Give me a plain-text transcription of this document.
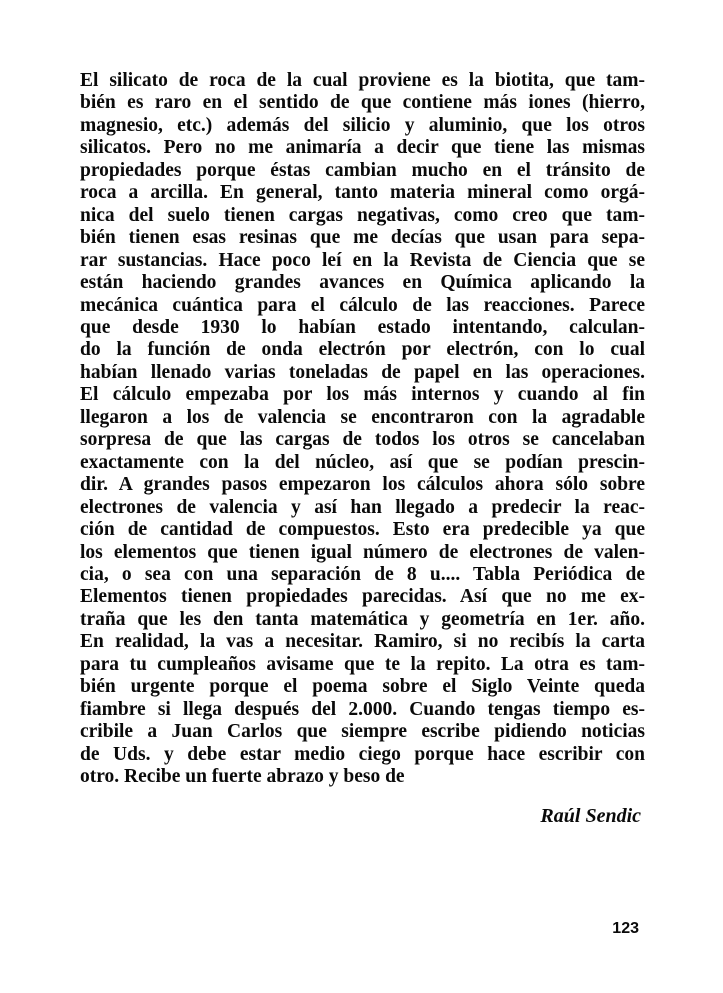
El silicato de roca de la cual proviene es la biotita, que tam-
bién es raro en el sentido de que contiene más iones (hierro,
magnesio, etc.) además del silicio y aluminio, que los otros
silicatos. Pero no me animaría a decir que tiene las mismas
propiedades porque éstas cambian mucho en el tránsito de
roca a arcilla. En general, tanto materia mineral como orgá-
nica del suelo tienen cargas negativas, como creo que tam-
bién tienen esas resinas que me decías que usan para sepa-
rar sustancias. Hace poco leí en la Revista de Ciencia que se
están haciendo grandes avances en Química aplicando la
mecánica cuántica para el cálculo de las reacciones. Parece
que desde 1930 lo habían estado intentando, calculan-
do la función de onda electrón por electrón, con lo cual
habían llenado varias toneladas de papel en las operaciones.
El cálculo empezaba por los más internos y cuando al fin
llegaron a los de valencia se encontraron con la agradable
sorpresa de que las cargas de todos los otros se cancelaban
exactamente con la del núcleo, así que se podían prescin-
dir. A grandes pasos empezaron los cálculos ahora sólo sobre
electrones de valencia y así han llegado a predecir la reac-
ción de cantidad de compuestos. Esto era predecible ya que
los elementos que tienen igual número de electrones de valen-
cia, o sea con una separación de 8 u.... Tabla Periódica de
Elementos tienen propiedades parecidas. Así que no me ex-
traña que les den tanta matemática y geometría en 1er. año.
En realidad, la vas a necesitar. Ramiro, si no recibís la carta
para tu cumpleaños avisame que te la repito. La otra es tam-
bién urgente porque el poema sobre el Siglo Veinte queda
fiambre si llega después del 2.000. Cuando tengas tiempo es-
cribile a Juan Carlos que siempre escribe pidiendo noticias
de Uds. y debe estar medio ciego porque hace escribir con
otro. Recibe un fuerte abrazo y beso de
Raúl Sendic
123
